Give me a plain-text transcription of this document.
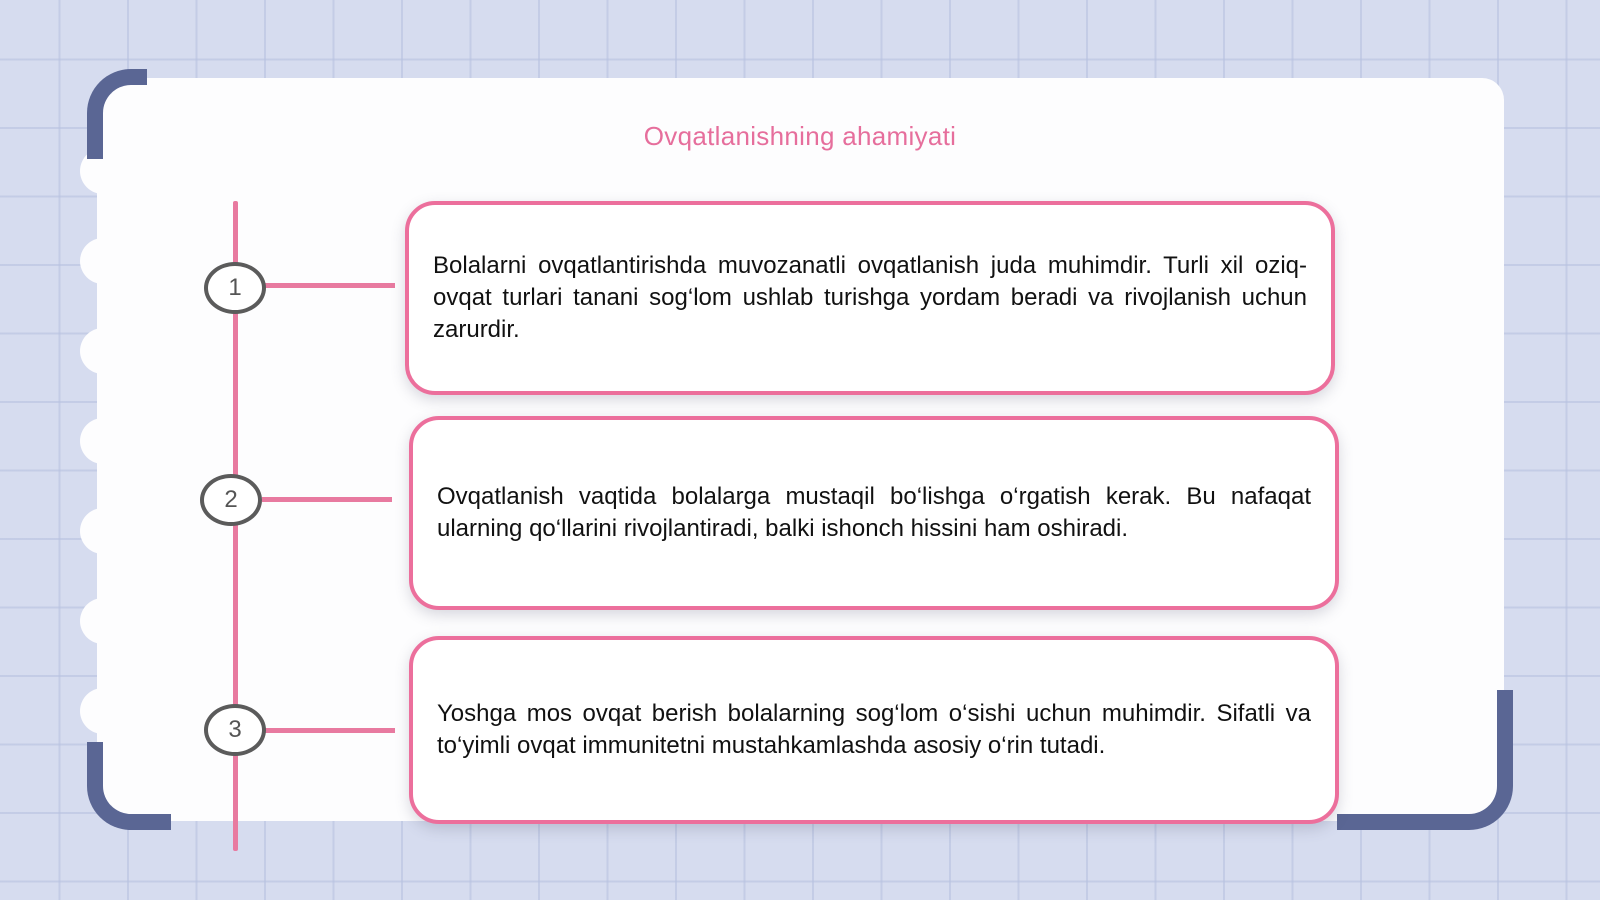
Ovqatlanishning ahamiyati
1
2
3

Bolalarni ovqatlantirishda muvozanatli ovqatlanish juda muhimdir. Turli xil oziq-ovqat turlari tanani sog‘lom ushlab turishga yordam beradi va rivojlanish uchun zarurdir.

Ovqatlanish vaqtida bolalarga mustaqil bo‘lishga o‘rgatish kerak. Bu nafaqat ularning qo‘llarini rivojlantiradi, balki ishonch hissini ham oshiradi.

Yoshga mos ovqat berish bolalarning sog‘lom o‘sishi uchun muhimdir. Sifatli va to‘yimli ovqat immunitetni mustahkamlashda asosiy o‘rin tutadi.
